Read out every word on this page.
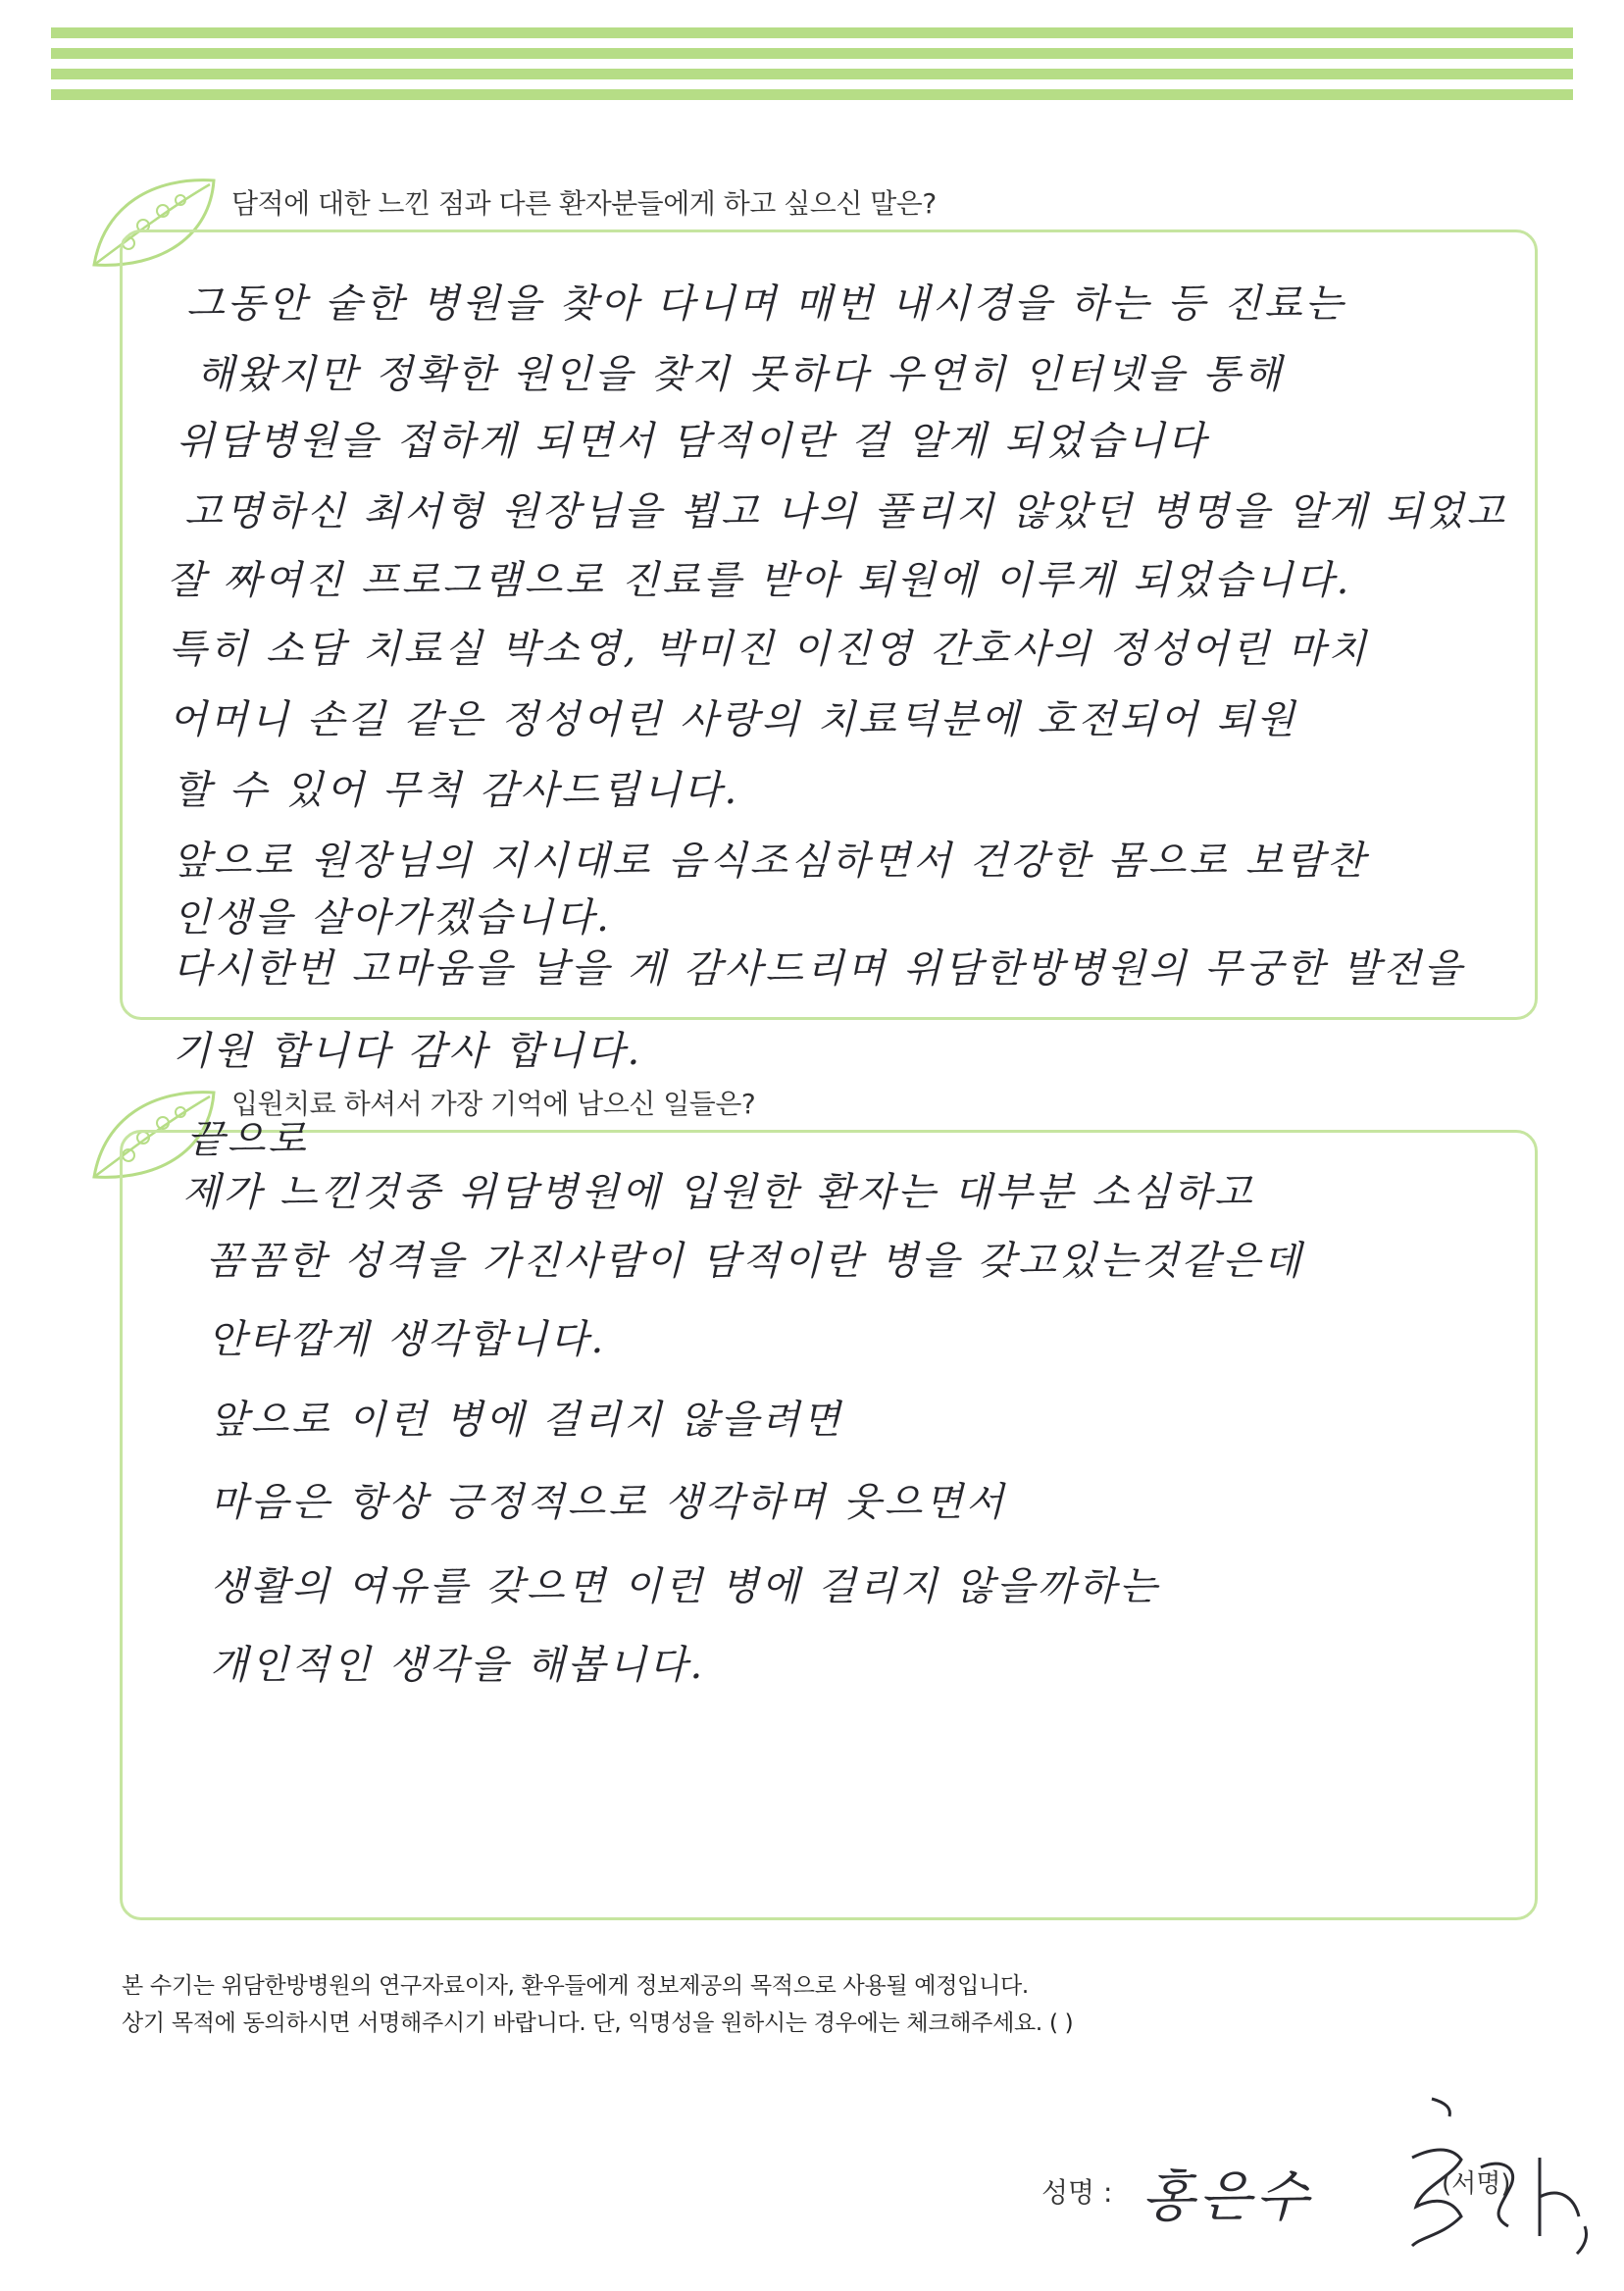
담적에 대한 느낀 점과 다른 환자분들에게 하고 싶으신 말은?
그동안 숱한 병원을 찾아 다니며 매번 내시경을 하는 등 진료는
해왔지만 정확한 원인을 찾지 못하다 우연히 인터넷을 통해
위담병원을 접하게 되면서 담적이란 걸 알게 되었습니다
고명하신 최서형 원장님을 뵙고 나의 풀리지 않았던 병명을 알게 되었고
잘 짜여진 프로그램으로 진료를 받아 퇴원에 이루게 되었습니다.
특히 소담 치료실 박소영, 박미진 이진영 간호사의 정성어린 마치
어머니 손길 같은 정성어린 사랑의 치료덕분에 호전되어 퇴원
할 수 있어 무척 감사드립니다.
앞으로 원장님의 지시대로 음식조심하면서 건강한 몸으로 보람찬
인생을 살아가겠습니다.
다시한번 고마움을 날을 게 감사드리며 위담한방병원의 무궁한 발전을
기원 합니다 감사 합니다.
입원치료 하셔서 가장 기억에 남으신 일들은?
끝으로
제가 느낀것중 위담병원에 입원한 환자는 대부분 소심하고
꼼꼼한 성격을 가진사람이 담적이란 병을 갖고있는것같은데
안타깝게 생각합니다.
앞으로 이런 병에 걸리지 않을려면
마음은 항상 긍정적으로 생각하며 웃으면서
생활의 여유를 갖으면 이런 병에 걸리지 않을까하는
개인적인 생각을 해봅니다.
본 수기는 위담한방병원의 연구자료이자, 환우들에게 정보제공의 목적으로 사용될 예정입니다.
상기 목적에 동의하시면 서명해주시기 바랍니다. 단, 익명성을 원하시는 경우에는 체크해주세요. ( )
성명 : 홍은수	(서명)
